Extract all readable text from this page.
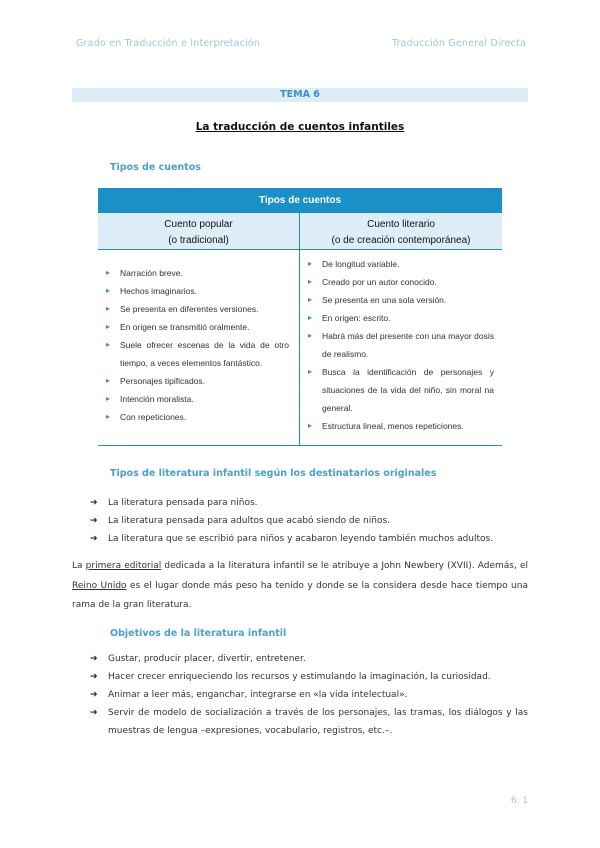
Grado en Traducción e Interpretación	Traducción General Directa
TEMA 6
La traducción de cuentos infantiles
Tipos de cuentos
Tipos de cuentos
Cuento popular
(o tradicional)
▸ Narración breve.
▸ Hechos imaginarios.
▸ Se presenta en diferentes versiones.
▸ En origen se transmitió oralmente.
▸ Suele ofrecer escenas de la vida de otro tiempo, a veces elementos fantástico.
▸ Personajes tipificados.
▸ Intención moralista.
▸ Con repeticiones.
Cuento literario
(o de creación contemporánea)
▸ De longitud variable.
▸ Creado por un autor conocido.
▸ Se presenta en una sola versión.
▸ En origen: escrito.
▸ Habrá más del presente con una mayor dosis de realismo.
▸ Busca la identificación de personajes y situaciones de la vida del niño, sin moral na general.
▸ Estructura lineal, menos repeticiones.
Tipos de literatura infantil según los destinatarios originales
➔ La literatura pensada para niños.
➔ La literatura pensada para adultos que acabó siendo de niños.
➔ La literatura que se escribió para niños y acabaron leyendo también muchos adultos.

La primera editorial dedicada a la literatura infantil se le atribuye a John Newbery (XVII). Además, el Reino Unido es el lugar donde más peso ha tenido y donde se la considera desde hace tiempo una rama de la gran literatura.

Objetivos de la literatura infantil
➔ Gustar, producir placer, divertir, entretener.
➔ Hacer crecer enriqueciendo los recursos y estimulando la imaginación, la curiosidad.
➔ Animar a leer más, enganchar, integrarse en «la vida intelectual».
➔ Servir de modelo de socialización a través de los personajes, las tramas, los diálogos y las muestras de lengua –expresiones, vocabulario, registros, etc.–.
6. 1
